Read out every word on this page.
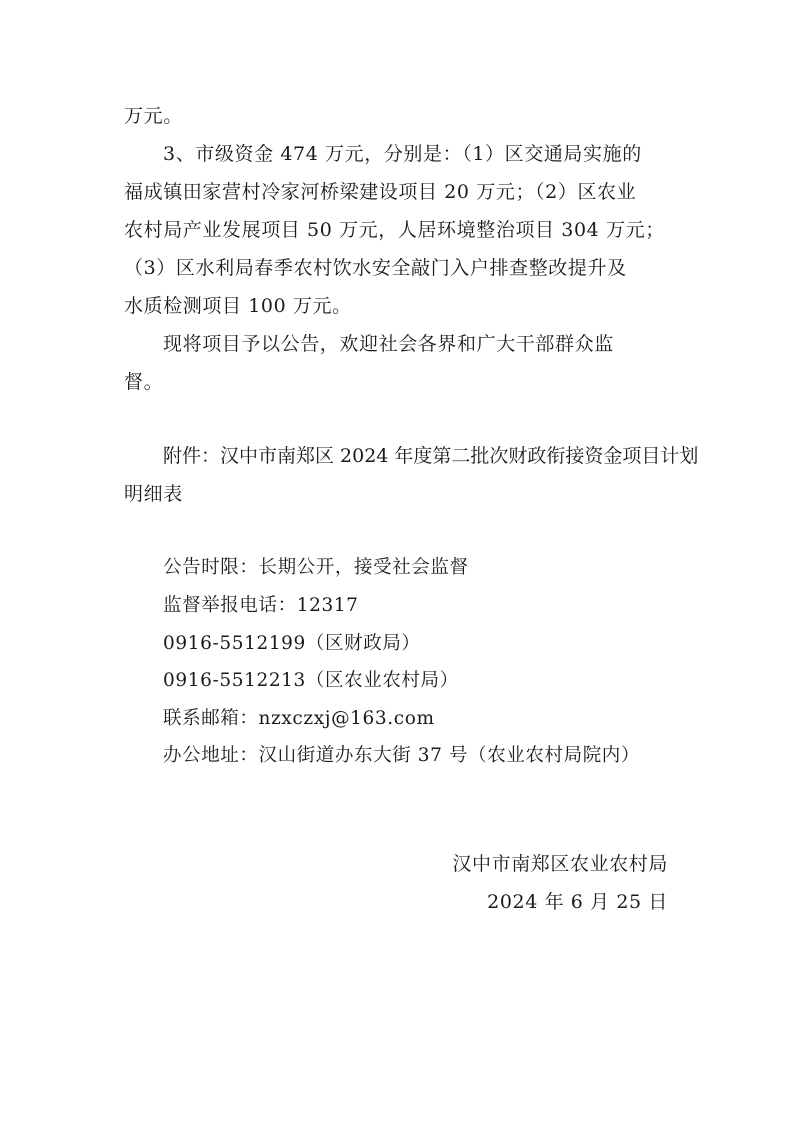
万元。
3、市级资金 474 万元，分别是：（1）区交通局实施的
福成镇田家营村冷家河桥梁建设项目 20 万元；（2）区农业
农村局产业发展项目 50 万元，人居环境整治项目 304 万元；
（3）区水利局春季农村饮水安全敲门入户排查整改提升及
水质检测项目 100 万元。
现将项目予以公告，欢迎社会各界和广大干部群众监
督。
附件：汉中市南郑区 2024 年度第二批次财政衔接资金项目计划
明细表
公告时限：长期公开，接受社会监督
监督举报电话：12317
0916-5512199（区财政局）
0916-5512213（区农业农村局）
联系邮箱：nzxczxj@163.com
办公地址：汉山街道办东大街 37 号（农业农村局院内）
汉中市南郑区农业农村局
2024 年 6 月 25 日
